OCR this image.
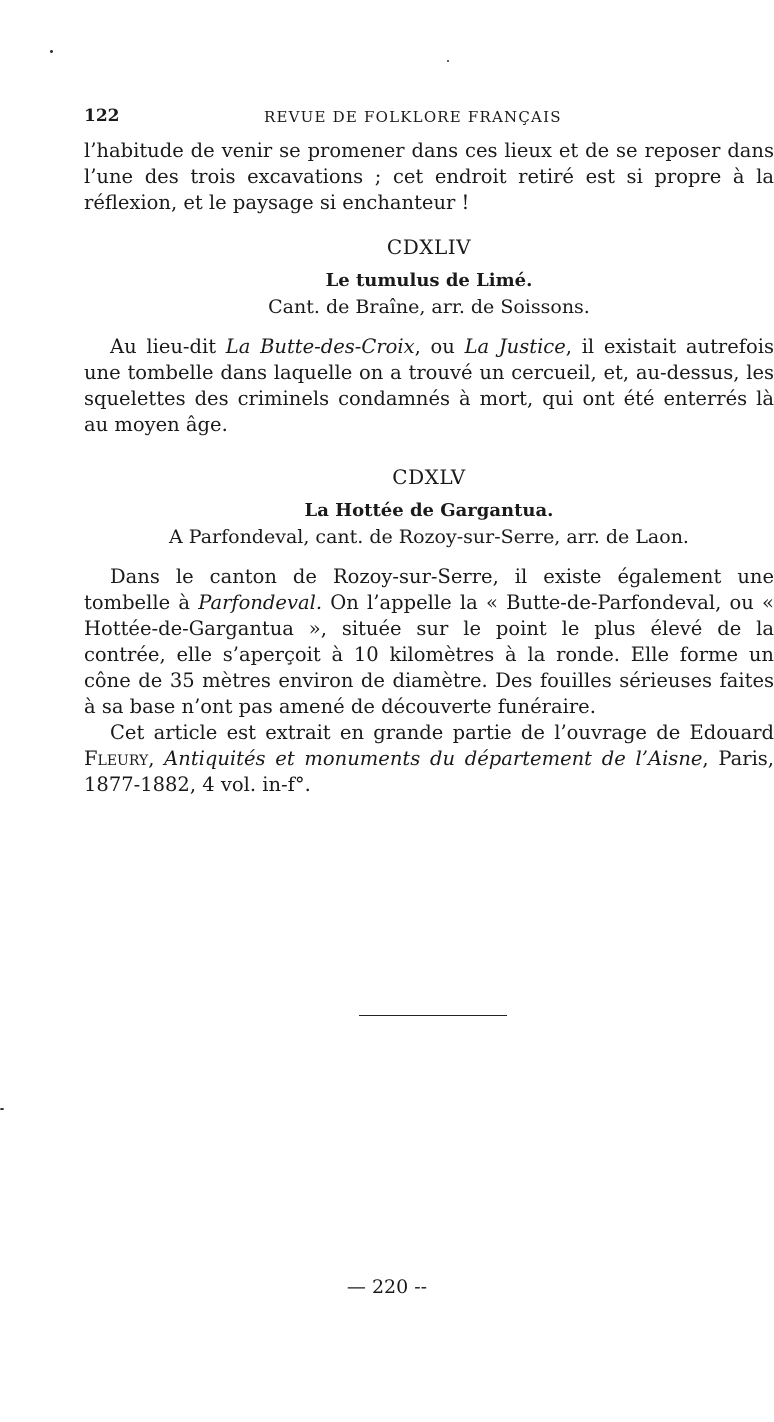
122	REVUE DE FOLKLORE FRANÇAIS

l’habitude de venir se promener dans ces lieux et de se reposer dans l’une des trois excavations ; cet endroit retiré est si propre à la réflexion, et le paysage si enchanteur !

CDXLIV
Le tumulus de Limé.
Cant. de Braîne, arr. de Soissons.

Au lieu-dit La Butte-des-Croix, ou La Justice, il existait autrefois une tombelle dans laquelle on a trouvé un cercueil, et, au-dessus, les squelettes des criminels condamnés à mort, qui ont été enterrés là au moyen âge.

CDXLV
La Hottée de Gargantua.
A Parfondeval, cant. de Rozoy-sur-Serre, arr. de Laon.

Dans le canton de Rozoy-sur-Serre, il existe également une tombelle à Parfondeval. On l’appelle la « Butte-de-Parfondeval, ou « Hottée-de-Gargantua », située sur le point le plus élevé de la contrée, elle s’aperçoit à 10 kilomètres à la ronde. Elle forme un cône de 35 mètres environ de diamètre. Des fouilles sérieuses faites à sa base n’ont pas amené de découverte funéraire.

Cet article est extrait en grande partie de l’ouvrage de Edouard Fleury, Antiquités et monuments du département de l’Aisne, Paris, 1877-1882, 4 vol. in-f°.

— 220 --
